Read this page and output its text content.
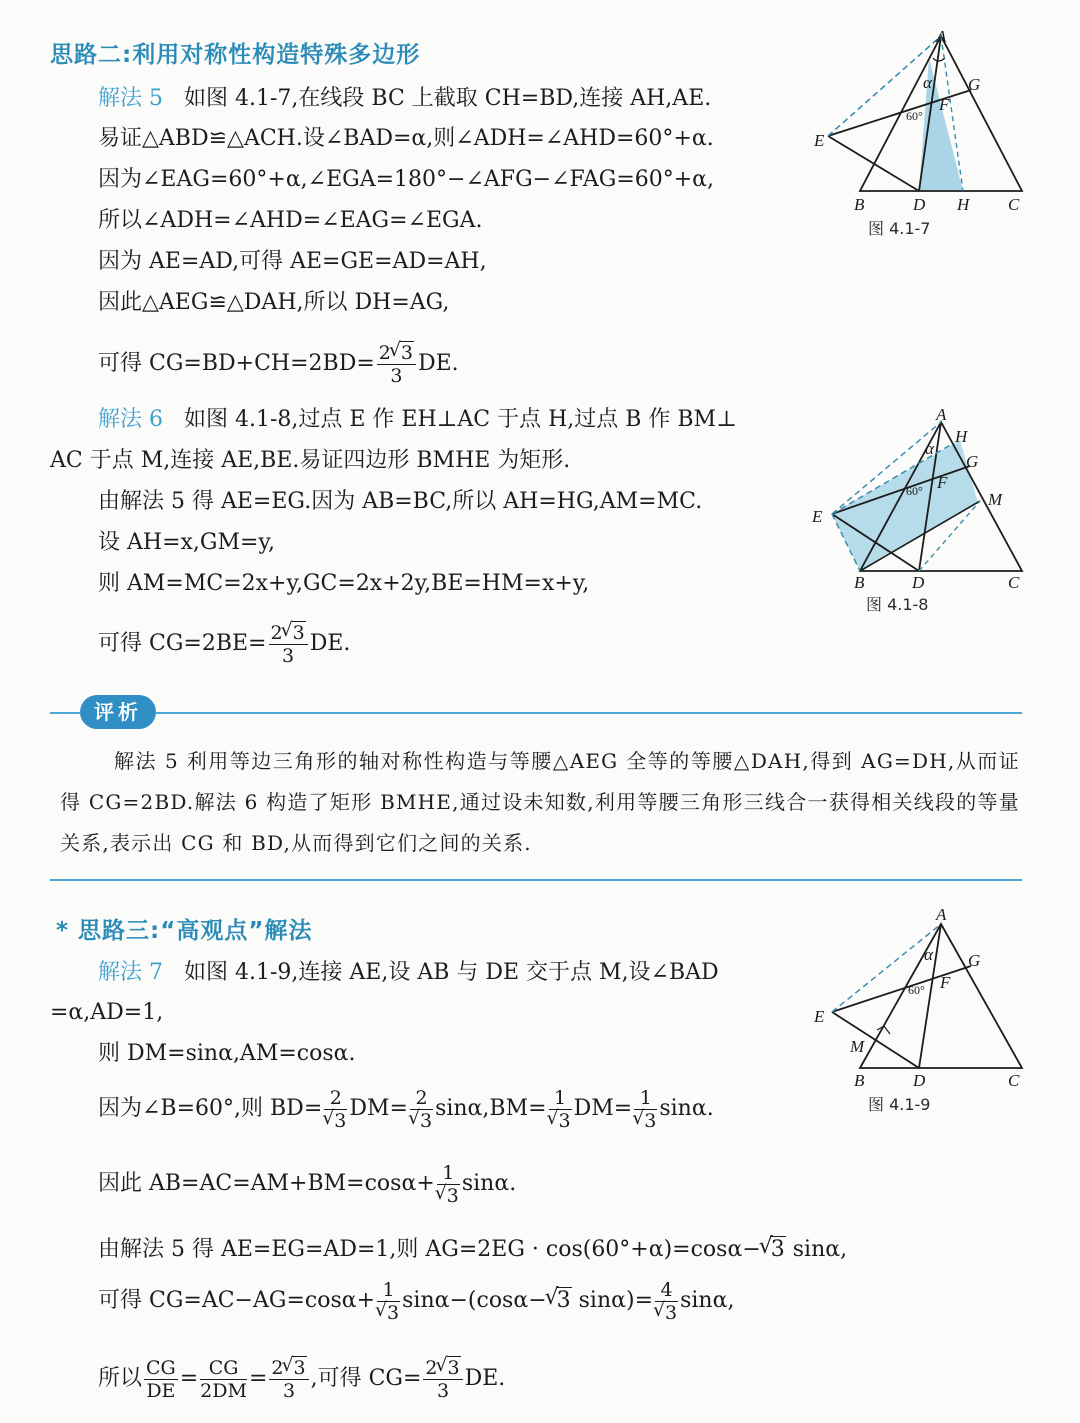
思路二:利用对称性构造特殊多边形
解法 5 如图 4.1-7,在线段 BC 上截取 CH=BD,连接 AH,AE.
易证△ABD≌△ACH.设∠BAD=α,则∠ADH=∠AHD=60°+α.
因为∠EAG=60°+α,∠EGA=180°−∠AFG−∠FAG=60°+α,
所以∠ADH=∠AHD=∠EAG=∠EGA.
因为 AE=AD,可得 AE=GE=AD=AH,
因此△AEG≌△DAH,所以 DH=AG,
可得 $CG=BD+CH=2BD= \frac{2 √ 3}{3}$ DE.
解法 6 如图 4.1-8,过点 E 作 EH⊥AC 于点 H,过点 B 作 BM⊥
AC 于点 M,连接 AE,BE.易证四边形 BMHE 为矩形.
由解法 5 得 AE=EG.因为 AB=BC,所以 AH=HG,AM=MC.
设 AH=x,GM=y,
则 AM=MC=2x+y,GC=2x+2y,BE=HM=x+y,
可得 $CG=2BE= \frac{2 √ 3}{3}$ DE.
A
G
α
F
60°
E
B	D H C
图 4.1-7
A
H
α
G
F
60°	M
E
B	D	C
图 4.1-8
评析
解法 5 利用等边三角形的轴对称性构造与等腰△AEG 全等的等腰△DAH,得到 AG=DH,从而证得 CG=2BD.解法 6 构造了矩形 BMHE,通过设未知数,利用等腰三角形三线合一获得相关线段的等量关系,表示出 CG 和 BD,从而得到它们之间的关系.
* 思路三:“高观点”解法
解法 7 如图 4.1-9,连接 AE,设 AB 与 DE 交于点 M,设∠BAD
=α,AD=1,
则 DM=sinα,AM=cosα.
因为∠B=60°,则 BD= 2
√ 3 DM= 2
√ 3 sinα,BM= 1
√ 3 DM= 1
√ 3 sinα.
因此 AB=AC=AM+BM=cosα+ 1
√ 3 sinα.
由解法 5 得 AE=EG=AD=1,则 AG=2EG · cos(60°+α)=cosα− √ 3 sinα,
可得 CG=AC−AG=cosα+ 1
√ 3 sinα−(cosα− √ 3 sinα)= 4
√ 3 sinα,
所以 $\frac{CG}{DE} = \frac{CG}{2DM} = \frac{2 √ 3}{3}$ ,可得 $CG= \frac{2 √ 3}{3}$ DE.
A
G
α
60° F
E
M
B	D	C
图 4.1-9
